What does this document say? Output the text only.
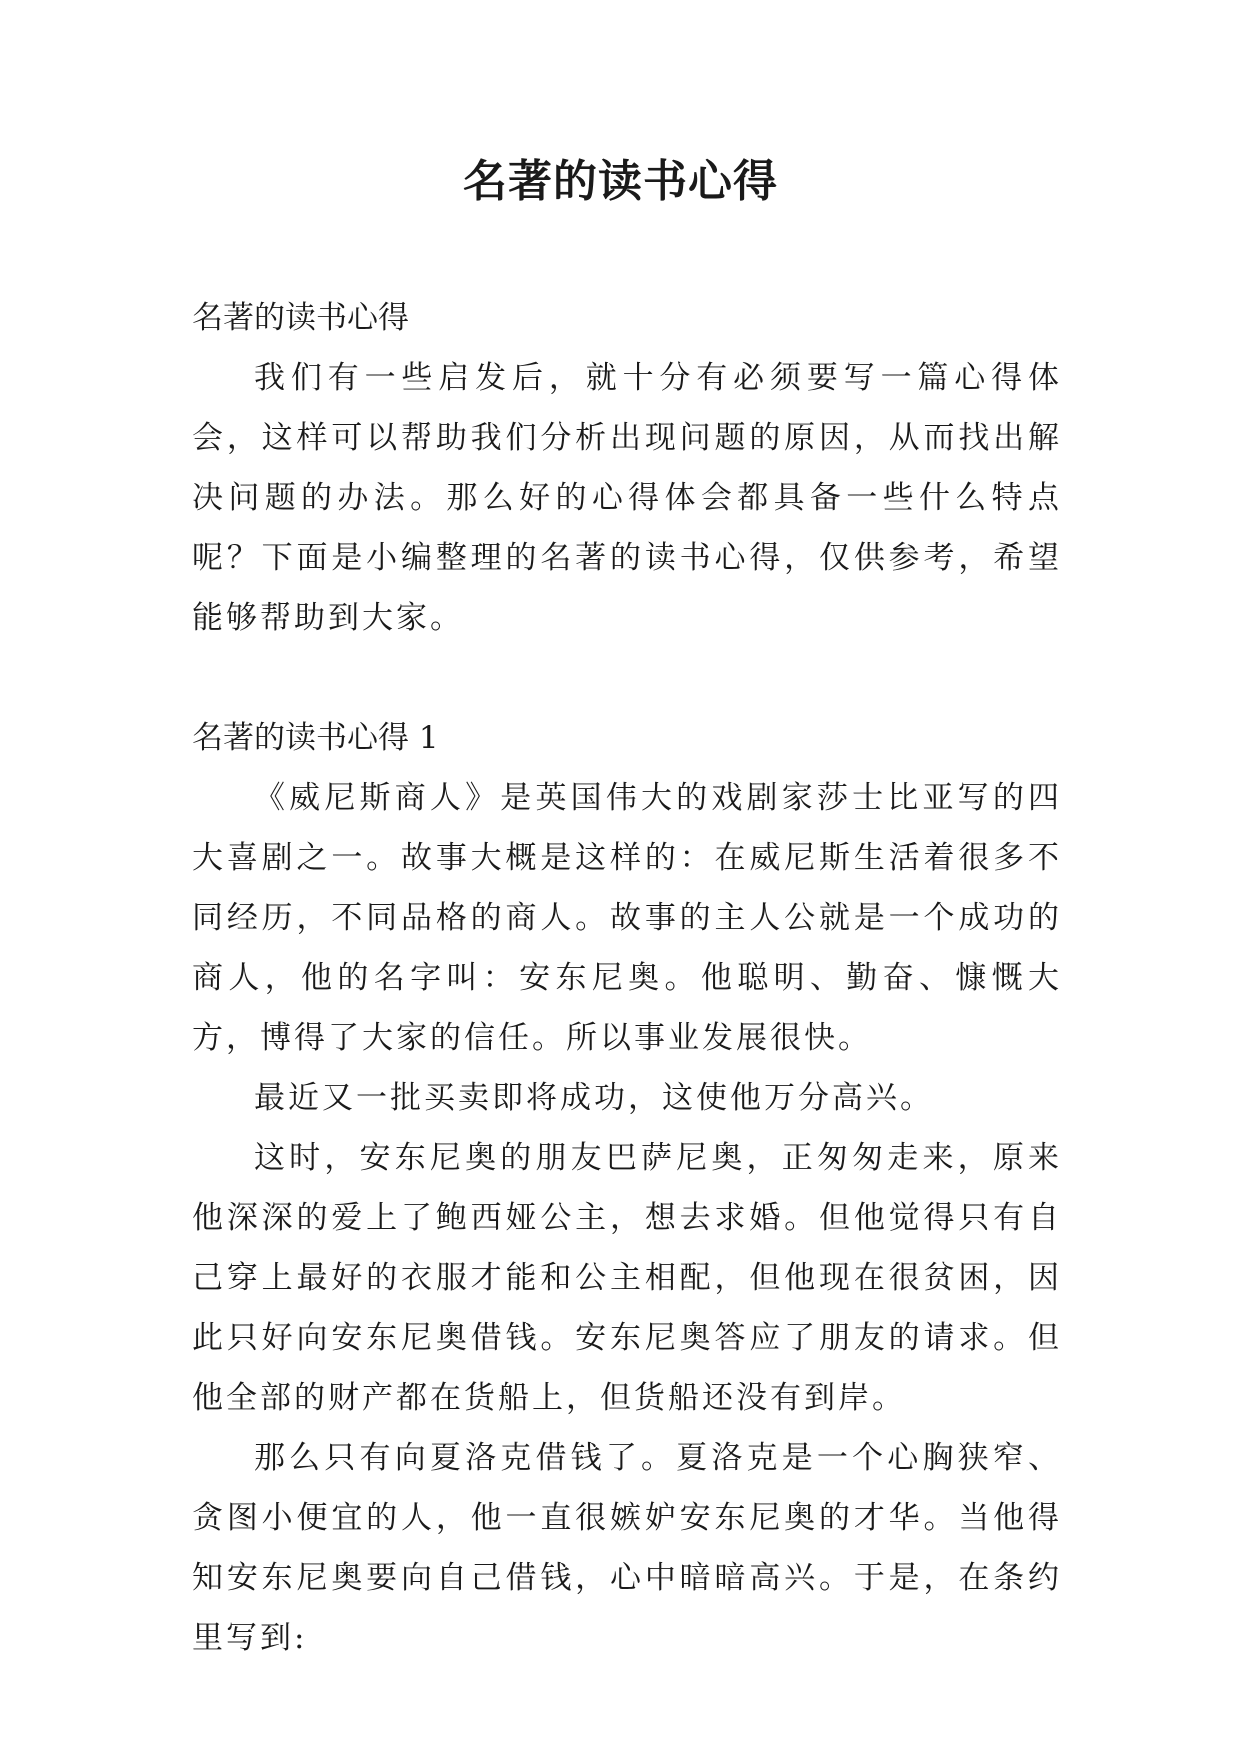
名著的读书心得

名著的读书心得

我们有一些启发后，就十分有必须要写一篇心得体会，这样可以帮助我们分析出现问题的原因，从而找出解决问题的办法。那么好的心得体会都具备一些什么特点呢？下面是小编整理的名著的读书心得，仅供参考，希望能够帮助到大家。

名著的读书心得 1

《威尼斯商人》是英国伟大的戏剧家莎士比亚写的四大喜剧之一。故事大概是这样的：在威尼斯生活着很多不同经历，不同品格的商人。故事的主人公就是一个成功的商人，他的名字叫：安东尼奥。他聪明、勤奋、慷慨大方，博得了大家的信任。所以事业发展很快。

最近又一批买卖即将成功，这使他万分高兴。

这时，安东尼奥的朋友巴萨尼奥，正匆匆走来，原来他深深的爱上了鲍西娅公主，想去求婚。但他觉得只有自己穿上最好的衣服才能和公主相配，但他现在很贫困，因此只好向安东尼奥借钱。安东尼奥答应了朋友的请求。但他全部的财产都在货船上，但货船还没有到岸。

那么只有向夏洛克借钱了。夏洛克是一个心胸狭窄、贪图小便宜的人，他一直很嫉妒安东尼奥的才华。当他得知安东尼奥要向自己借钱，心中暗暗高兴。于是，在条约里写到:
